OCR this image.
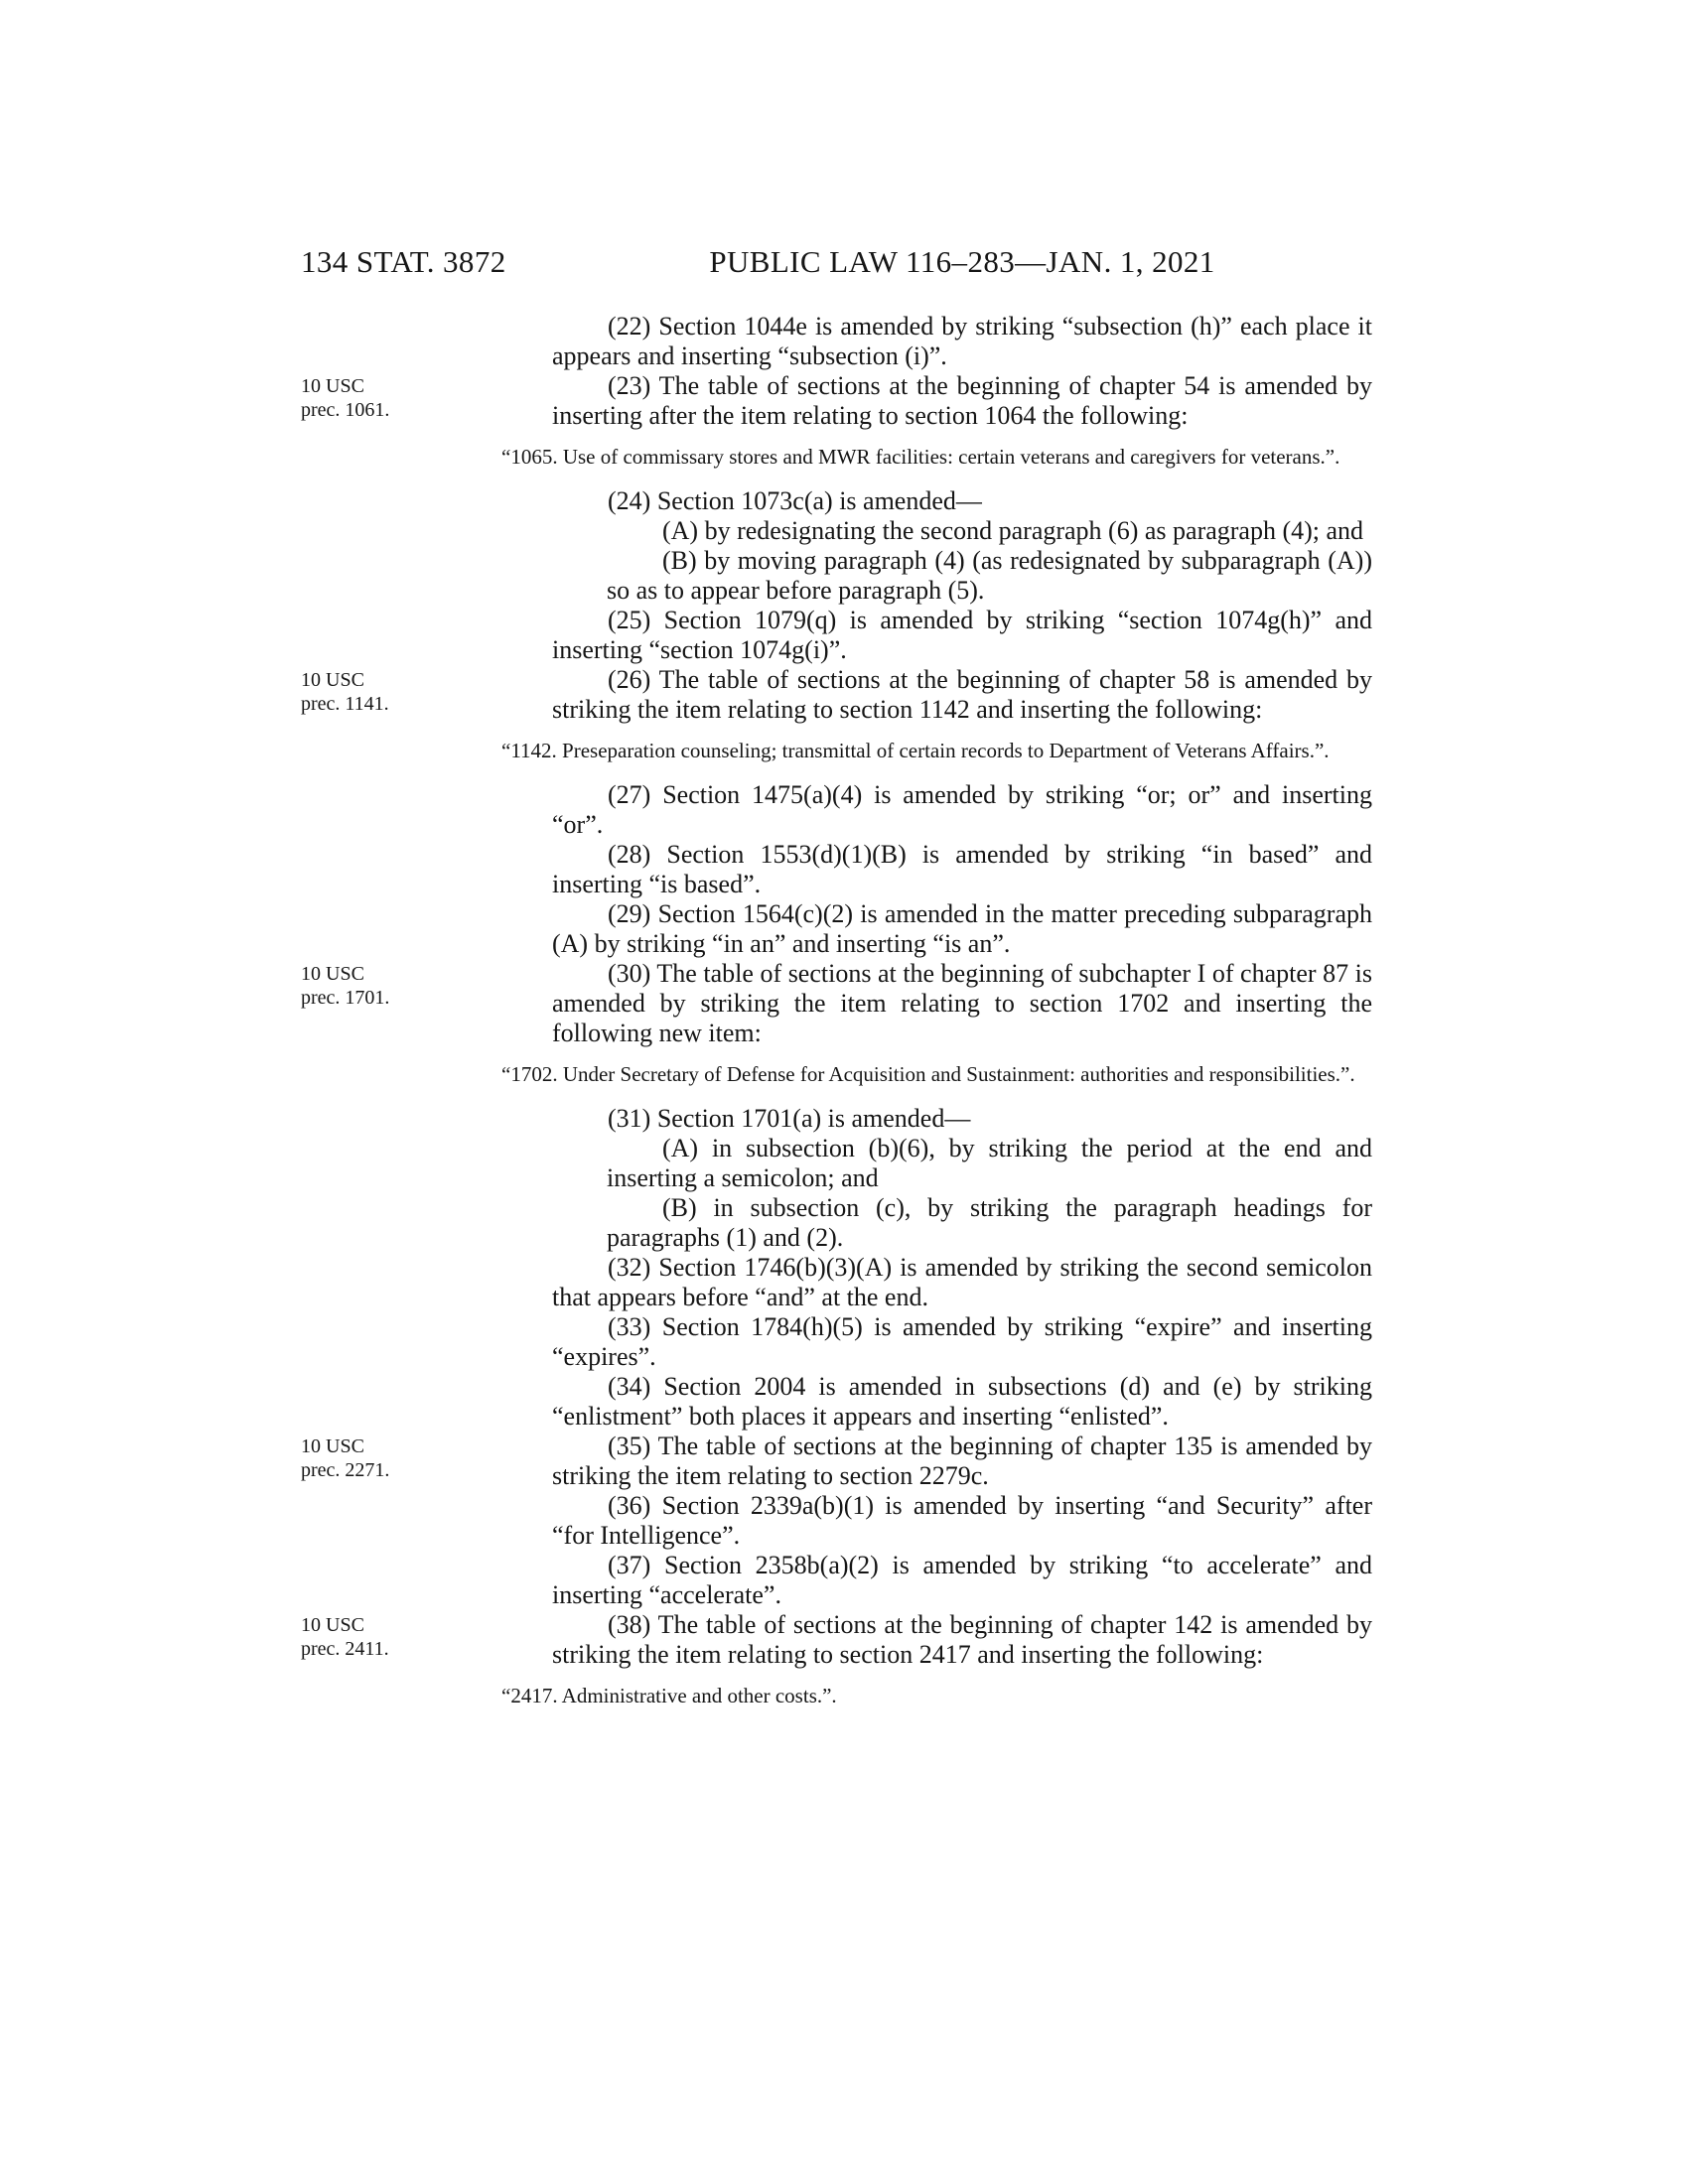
134 STAT. 3872	PUBLIC LAW 116–283—JAN. 1, 2021

(22) Section 1044e is amended by striking “subsection (h)” each place it appears and inserting “subsection (i)”.

10 USC
prec. 1061.

(23) The table of sections at the beginning of chapter 54 is amended by inserting after the item relating to section 1064 the following:

“1065. Use of commissary stores and MWR facilities: certain veterans and caregivers for veterans.”.

(24) Section 1073c(a) is amended—

(A) by redesignating the second paragraph (6) as paragraph (4); and

(B) by moving paragraph (4) (as redesignated by subparagraph (A)) so as to appear before paragraph (5).

(25) Section 1079(q) is amended by striking “section 1074g(h)” and inserting “section 1074g(i)”.

10 USC
prec. 1141.

(26) The table of sections at the beginning of chapter 58 is amended by striking the item relating to section 1142 and inserting the following:

“1142. Preseparation counseling; transmittal of certain records to Department of Veterans Affairs.”.

(27) Section 1475(a)(4) is amended by striking “or; or” and inserting “or”.

(28) Section 1553(d)(1)(B) is amended by striking “in based” and inserting “is based”.

(29) Section 1564(c)(2) is amended in the matter preceding subparagraph (A) by striking “in an” and inserting “is an”.

10 USC
prec. 1701.

(30) The table of sections at the beginning of subchapter I of chapter 87 is amended by striking the item relating to section 1702 and inserting the following new item:

“1702. Under Secretary of Defense for Acquisition and Sustainment: authorities and responsibilities.”.

(31) Section 1701(a) is amended—

(A) in subsection (b)(6), by striking the period at the end and inserting a semicolon; and

(B) in subsection (c), by striking the paragraph headings for paragraphs (1) and (2).

(32) Section 1746(b)(3)(A) is amended by striking the second semicolon that appears before “and” at the end.

(33) Section 1784(h)(5) is amended by striking “expire” and inserting “expires”.

(34) Section 2004 is amended in subsections (d) and (e) by striking “enlistment” both places it appears and inserting “enlisted”.

10 USC
prec. 2271.

(35) The table of sections at the beginning of chapter 135 is amended by striking the item relating to section 2279c.

(36) Section 2339a(b)(1) is amended by inserting “and Security” after “for Intelligence”.

(37) Section 2358b(a)(2) is amended by striking “to accelerate” and inserting “accelerate”.

10 USC
prec. 2411.

(38) The table of sections at the beginning of chapter 142 is amended by striking the item relating to section 2417 and inserting the following:

“2417. Administrative and other costs.”.
